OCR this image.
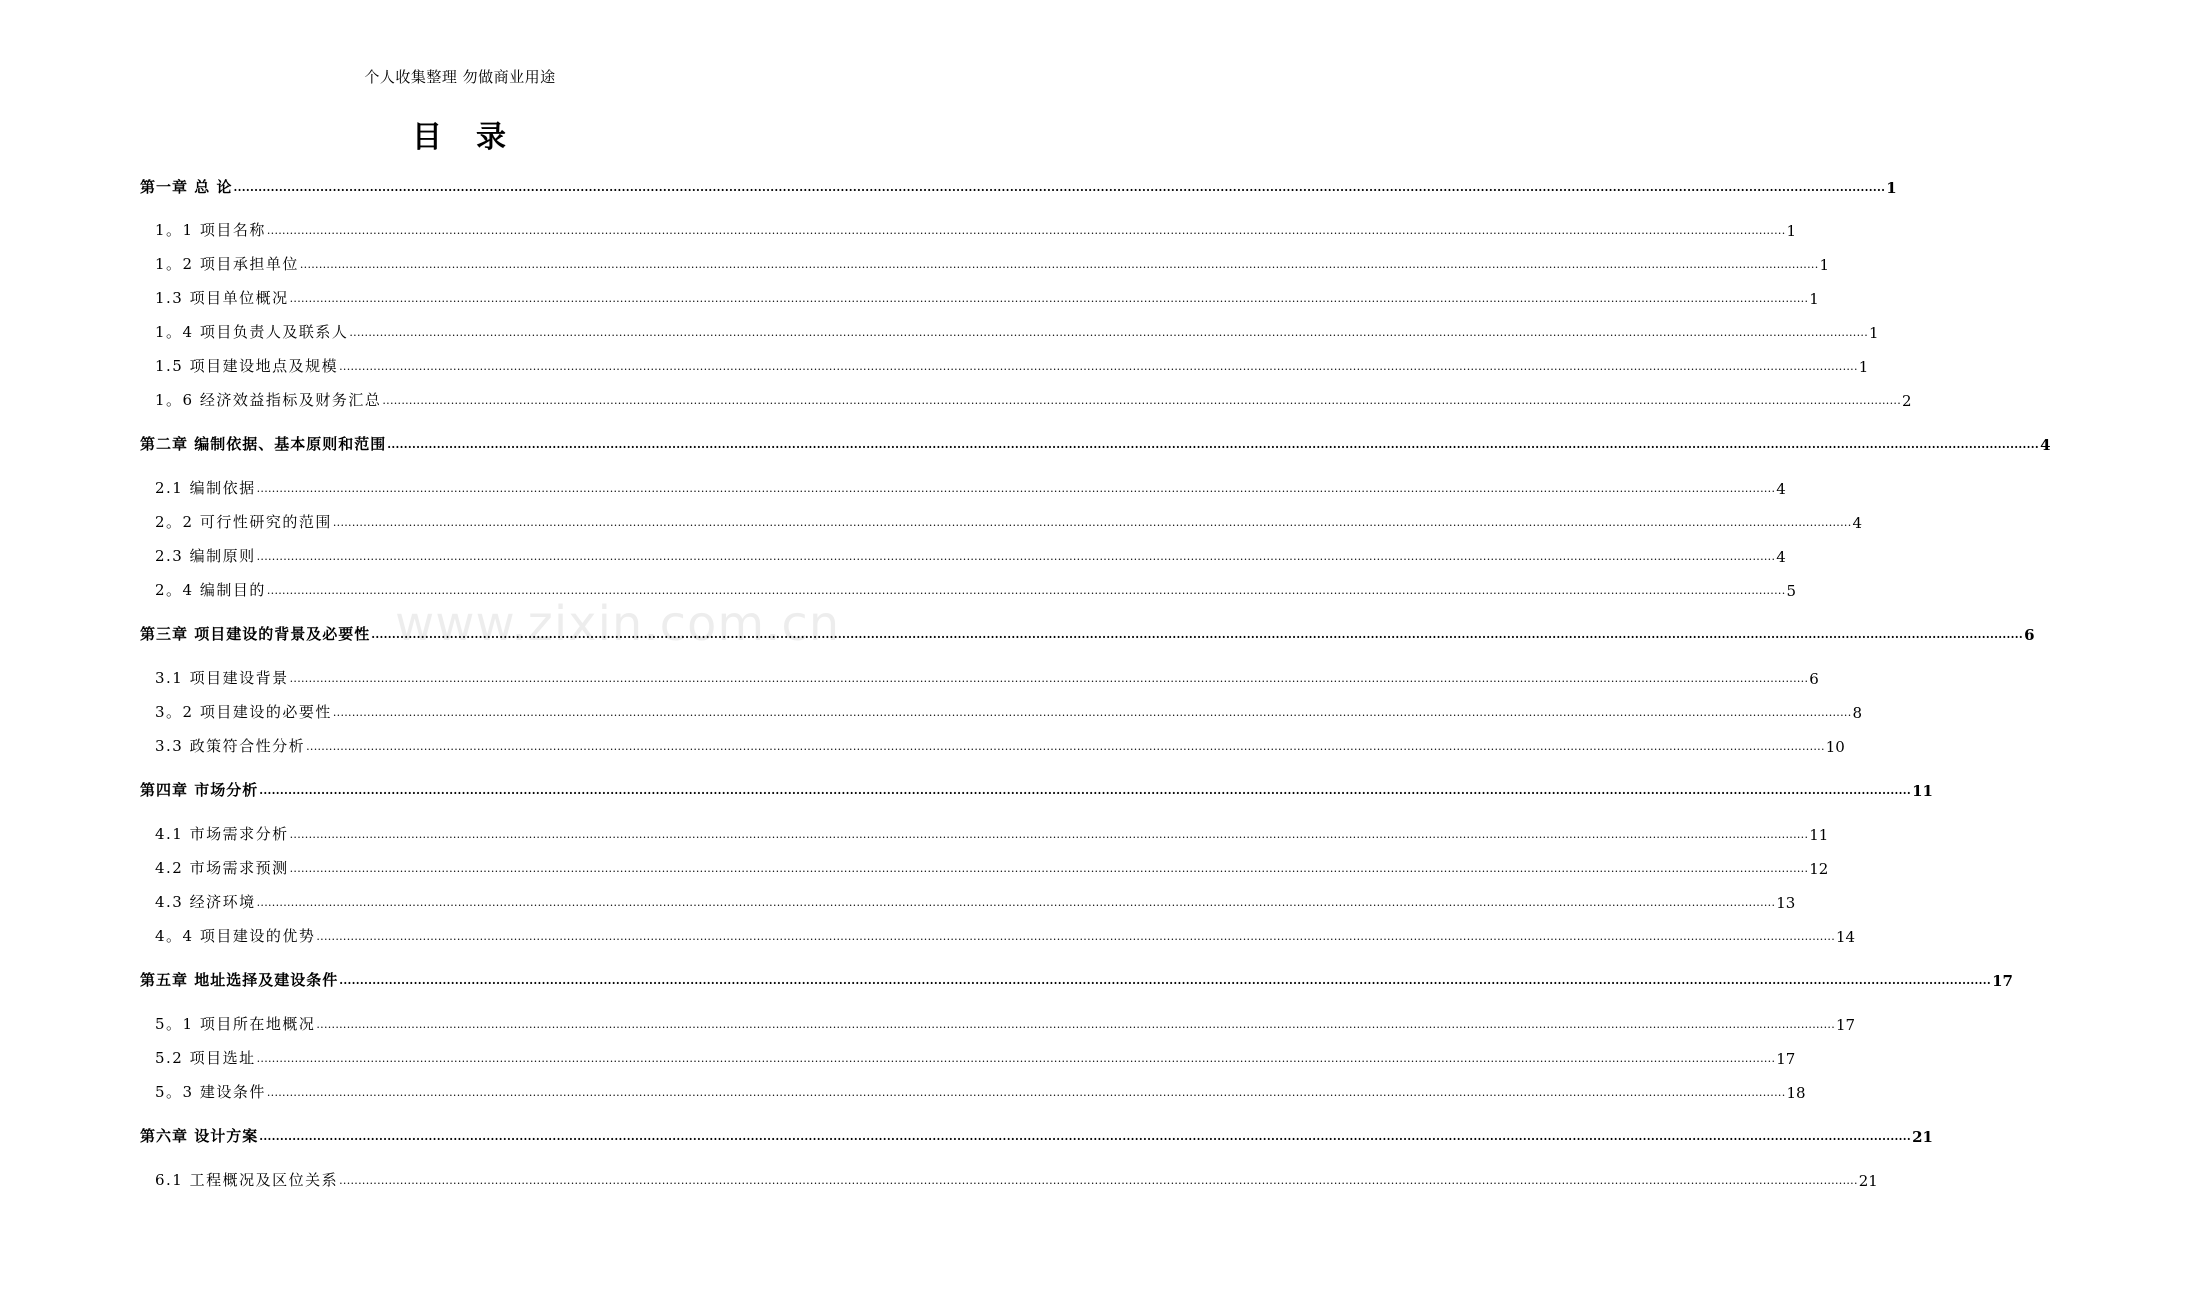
个人收集整理 勿做商业用途
目 录
www.zixin.com.cn
第一章 总 论 ................................................................................................................................................................................................................................................................................................................................................................................................................ 1
1。1 项目名称 ................................................................................................................................................................................................................................................................................................................................................................................................................ 1
1。2 项目承担单位 ................................................................................................................................................................................................................................................................................................................................................................................................................ 1
1.3 项目单位概况 ................................................................................................................................................................................................................................................................................................................................................................................................................ 1
1。4 项目负责人及联系人 ................................................................................................................................................................................................................................................................................................................................................................................................................ 1
1.5 项目建设地点及规模 ................................................................................................................................................................................................................................................................................................................................................................................................................ 1
1。6 经济效益指标及财务汇总 ................................................................................................................................................................................................................................................................................................................................................................................................................ 2
第二章 编制依据、基本原则和范围 ................................................................................................................................................................................................................................................................................................................................................................................................................ 4
2.1 编制依据 ................................................................................................................................................................................................................................................................................................................................................................................................................ 4
2。2 可行性研究的范围 ................................................................................................................................................................................................................................................................................................................................................................................................................ 4
2.3 编制原则 ................................................................................................................................................................................................................................................................................................................................................................................................................ 4
2。4 编制目的 ................................................................................................................................................................................................................................................................................................................................................................................................................ 5
第三章 项目建设的背景及必要性 ................................................................................................................................................................................................................................................................................................................................................................................................................ 6
3.1 项目建设背景 ................................................................................................................................................................................................................................................................................................................................................................................................................ 6
3。2 项目建设的必要性 ................................................................................................................................................................................................................................................................................................................................................................................................................ 8
3.3 政策符合性分析 ................................................................................................................................................................................................................................................................................................................................................................................................................ 10
第四章 市场分析 ................................................................................................................................................................................................................................................................................................................................................................................................................ 11
4.1 市场需求分析 ................................................................................................................................................................................................................................................................................................................................................................................................................ 11
4.2 市场需求预测 ................................................................................................................................................................................................................................................................................................................................................................................................................ 12
4.3 经济环境 ................................................................................................................................................................................................................................................................................................................................................................................................................ 13
4。4 项目建设的优势 ................................................................................................................................................................................................................................................................................................................................................................................................................ 14
第五章 地址选择及建设条件 ................................................................................................................................................................................................................................................................................................................................................................................................................ 17
5。1 项目所在地概况 ................................................................................................................................................................................................................................................................................................................................................................................................................ 17
5.2 项目选址 ................................................................................................................................................................................................................................................................................................................................................................................................................ 17
5。3 建设条件 ................................................................................................................................................................................................................................................................................................................................................................................................................ 18
第六章 设计方案 ................................................................................................................................................................................................................................................................................................................................................................................................................ 21
6.1 工程概况及区位关系 ................................................................................................................................................................................................................................................................................................................................................................................................................ 21
